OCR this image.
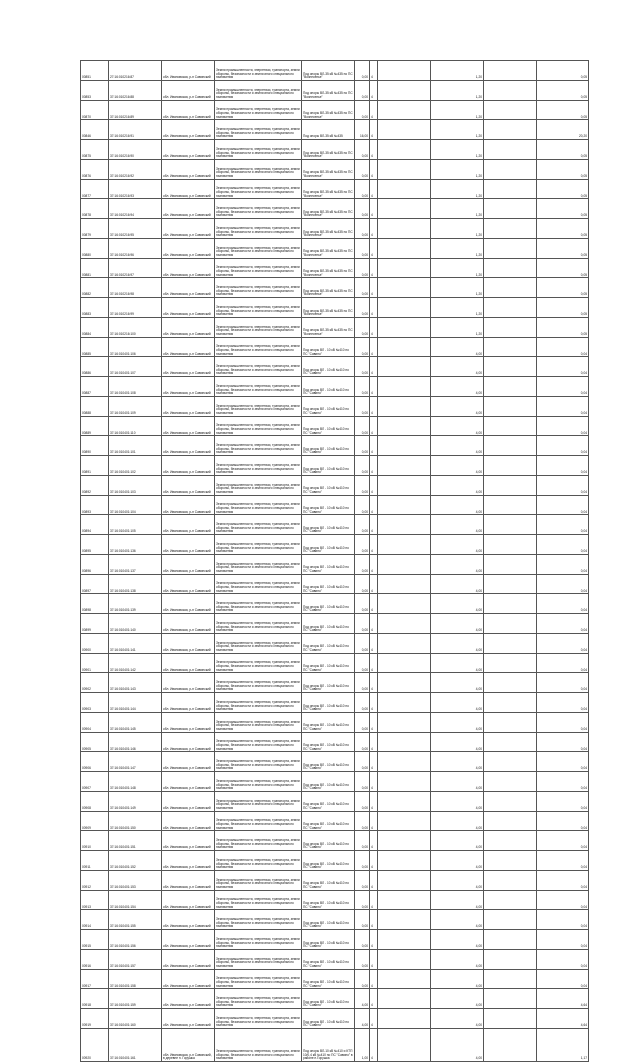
00851	27:16:010216:87	обл. Ивановская, р-н Савинский	Земли промышленности, энергетики, транспорта, земли обороны, безопасности и земли иного специального назначения	Под опоры ВЛ-35 кВ №435 по ПС "Вознесенье"	0,00	4		1,20		0,05
00853	37:16:010216:88	обл. Ивановская, р-н Савинский	Земли промышленности, энергетики, транспорта, земли обороны, безопасности и земли иного специального назначения	Под опоры ВЛ-35 кВ №435 по ПС "Вознесенье"	0,00	4		1,20		0,05
00870	37:16:010216:89	обл. Ивановская, р-н Савинский	Земли промышленности, энергетики, транспорта, земли обороны, безопасности и земли иного специального назначения	Под опоры ВЛ-35 кВ №435 по ПС "Вознесенье"	0,00	4		1,20		0,05
00846	37:16:010216:91	обл. Ивановская, р-н Савинский	Земли промышленности, энергетики, транспорта, земли обороны, безопасности и земли иного специального назначения	Под опоры ВЛ-35 кВ №435	16,00	4		1,20		20,20
00875	37:16:010216:90	обл. Ивановская, р-н Савинский	Земли промышленности, энергетики, транспорта, земли обороны, безопасности и земли иного специального назначения	Под опоры ВЛ-35 кВ №435 по ПС "Вознесенье"	0,00	4		1,20		0,05
00876	37:16:010216:92	обл. Ивановская, р-н Савинский	Земли промышленности, энергетики, транспорта, земли обороны, безопасности и земли иного специального назначения	Под опоры ВЛ-35 кВ №435 по ПС "Вознесенье"	0,00	4		1,20		0,05
00877	37:16:010216:93	обл. Ивановская, р-н Савинский	Земли промышленности, энергетики, транспорта, земли обороны, безопасности и земли иного специального назначения	Под опоры ВЛ-35 кВ №435 по ПС "Вознесенье"	0,00	4		1,20		0,05
00878	37:16:010216:94	обл. Ивановская, р-н Савинский	Земли промышленности, энергетики, транспорта, земли обороны, безопасности и земли иного специального назначения	Под опоры ВЛ-35 кВ №435 по ПС "Вознесенье"	0,00	4		1,20		0,05
00879	37:16:010216:95	обл. Ивановская, р-н Савинский	Земли промышленности, энергетики, транспорта, земли обороны, безопасности и земли иного специального назначения	Под опоры ВЛ-35 кВ №435 по ПС "Вознесенье"	0,00	4		1,20		0,05
00880	37:16:010216:96	обл. Ивановская, р-н Савинский	Земли промышленности, энергетики, транспорта, земли обороны, безопасности и земли иного специального назначения	Под опоры ВЛ-35 кВ №435 по ПС "Вознесенье"	0,00	4		1,20		0,05
00881	37:16:010216:97	обл. Ивановская, р-н Савинский	Земли промышленности, энергетики, транспорта, земли обороны, безопасности и земли иного специального назначения	Под опоры ВЛ-35 кВ №435 по ПС "Вознесенье"	0,00	4		1,20		0,05
00882	37:16:010216:98	обл. Ивановская, р-н Савинский	Земли промышленности, энергетики, транспорта, земли обороны, безопасности и земли иного специального назначения	Под опоры ВЛ-35 кВ №435 по ПС "Вознесенье"	0,00	4		1,20		0,05
00883	37:16:010216:99	обл. Ивановская, р-н Савинский	Земли промышленности, энергетики, транспорта, земли обороны, безопасности и земли иного специального назначения	Под опоры ВЛ-35 кВ №435 по ПС "Вознесенье"	0,00	4		1,20		0,05
00884	37:16:010216:100	обл. Ивановская, р-н Савинский	Земли промышленности, энергетики, транспорта, земли обороны, безопасности и земли иного специального назначения	Под опоры ВЛ-35 кВ №435 по ПС "Вознесенье"	0,00	4		1,20		0,05
00885	37:16:010401:106	обл. Ивановская, р-н Савинский	Земли промышленности, энергетики, транспорта, земли обороны, безопасности и земли иного специального назначения	Под опоры ВЛ - 10 кВ №410 по ПС "Савино"	0,00	4		4,00		0,04
00886	37:16:010401:107	обл. Ивановская, р-н Савинский	Земли промышленности, энергетики, транспорта, земли обороны, безопасности и земли иного специального назначения	Под опоры ВЛ - 10 кВ №410 по ПС "Савино"	0,00	4		4,00		0,04
00887	37:16:010401:108	обл. Ивановская, р-н Савинский	Земли промышленности, энергетики, транспорта, земли обороны, безопасности и земли иного специального назначения	Под опоры ВЛ - 10 кВ №410 по ПС "Савино"	0,00	4		4,00		0,04
00888	37:16:010401:109	обл. Ивановская, р-н Савинский	Земли промышленности, энергетики, транспорта, земли обороны, безопасности и земли иного специального назначения	Под опоры ВЛ - 10 кВ №410 по ПС "Савино"	0,00	4		4,00		0,04
00889	37:16:010401:110	обл. Ивановская, р-н Савинский	Земли промышленности, энергетики, транспорта, земли обороны, безопасности и земли иного специального назначения	Под опоры ВЛ - 10 кВ №410 по ПС "Савино"	0,00	4		4,00		0,04
00890	37:16:010401:101	обл. Ивановская, р-н Савинский	Земли промышленности, энергетики, транспорта, земли обороны, безопасности и земли иного специального назначения	Под опоры ВЛ - 10 кВ №410 по ПС "Савино"	0,00	4		4,00		0,04
00891	37:16:010401:102	обл. Ивановская, р-н Савинский	Земли промышленности, энергетики, транспорта, земли обороны, безопасности и земли иного специального назначения	Под опоры ВЛ - 10 кВ №410 по ПС "Савино"	0,00	4		4,00		0,04
00892	37:16:010401:103	обл. Ивановская, р-н Савинский	Земли промышленности, энергетики, транспорта, земли обороны, безопасности и земли иного специального назначения	Под опоры ВЛ - 10 кВ №410 по ПС "Савино"	0,00	4		4,00		0,04
00893	37:16:010401:104	обл. Ивановская, р-н Савинский	Земли промышленности, энергетики, транспорта, земли обороны, безопасности и земли иного специального назначения	Под опоры ВЛ - 10 кВ №410 по ПС "Савино"	0,00	4		4,00		0,04
00894	37:16:010401:105	обл. Ивановская, р-н Савинский	Земли промышленности, энергетики, транспорта, земли обороны, безопасности и земли иного специального назначения	Под опоры ВЛ - 10 кВ №410 по ПС "Савино"	0,00	4		4,00		0,04
00895	37:16:010401:136	обл. Ивановская, р-н Савинский	Земли промышленности, энергетики, транспорта, земли обороны, безопасности и земли иного специального назначения	Под опоры ВЛ - 10 кВ №410 по ПС "Савино"	0,00	4		4,00		0,04
00896	37:16:010401:137	обл. Ивановская, р-н Савинский	Земли промышленности, энергетики, транспорта, земли обороны, безопасности и земли иного специального назначения	Под опоры ВЛ - 10 кВ №410 по ПС "Савино"	0,00	4		4,00		0,04
00897	37:16:010401:138	обл. Ивановская, р-н Савинский	Земли промышленности, энергетики, транспорта, земли обороны, безопасности и земли иного специального назначения	Под опоры ВЛ - 10 кВ №410 по ПС "Савино"	0,00	4		4,00		0,04
00898	37:16:010401:139	обл. Ивановская, р-н Савинский	Земли промышленности, энергетики, транспорта, земли обороны, безопасности и земли иного специального назначения	Под опоры ВЛ - 10 кВ №410 по ПС "Савино"	0,00	4		4,00		0,04
00899	37:16:010401:140	обл. Ивановская, р-н Савинский	Земли промышленности, энергетики, транспорта, земли обороны, безопасности и земли иного специального назначения	Под опоры ВЛ - 10 кВ №410 по ПС "Савино"	0,00	4		4,00		0,04
00900	37:16:010401:141	обл. Ивановская, р-н Савинский	Земли промышленности, энергетики, транспорта, земли обороны, безопасности и земли иного специального назначения	Под опоры ВЛ - 10 кВ №410 по ПС "Савино"	0,00	4		4,00		0,04
00901	37:16:010401:142	обл. Ивановская, р-н Савинский	Земли промышленности, энергетики, транспорта, земли обороны, безопасности и земли иного специального назначения	Под опоры ВЛ - 10 кВ №410 по ПС "Савино"	0,00	4		4,00		0,04
00902	37:16:010401:143	обл. Ивановская, р-н Савинский	Земли промышленности, энергетики, транспорта, земли обороны, безопасности и земли иного специального назначения	Под опоры ВЛ - 10 кВ №410 по ПС "Савино"	0,00	4		4,00		0,04
00903	37:16:010401:144	обл. Ивановская, р-н Савинский	Земли промышленности, энергетики, транспорта, земли обороны, безопасности и земли иного специального назначения	Под опоры ВЛ - 10 кВ №410 по ПС "Савино"	0,00	4		4,00		0,04
00904	37:16:010401:145	обл. Ивановская, р-н Савинский	Земли промышленности, энергетики, транспорта, земли обороны, безопасности и земли иного специального назначения	Под опоры ВЛ - 10 кВ №410 по ПС "Савино"	0,00	4		4,00		0,04
00905	37:16:010401:146	обл. Ивановская, р-н Савинский	Земли промышленности, энергетики, транспорта, земли обороны, безопасности и земли иного специального назначения	Под опоры ВЛ - 10 кВ №410 по ПС "Савино"	0,00	4		4,00		0,04
00906	37:16:010401:147	обл. Ивановская, р-н Савинский	Земли промышленности, энергетики, транспорта, земли обороны, безопасности и земли иного специального назначения	Под опоры ВЛ - 10 кВ №410 по ПС "Савино"	0,00	4		4,00		0,04
00907	37:16:010401:148	обл. Ивановская, р-н Савинский	Земли промышленности, энергетики, транспорта, земли обороны, безопасности и земли иного специального назначения	Под опоры ВЛ - 10 кВ №410 по ПС "Савино"	0,00	4		4,00		0,04
00908	37:16:010401:149	обл. Ивановская, р-н Савинский	Земли промышленности, энергетики, транспорта, земли обороны, безопасности и земли иного специального назначения	Под опоры ВЛ - 10 кВ №410 по ПС "Савино"	0,00	4		4,00		0,04
00909	37:16:010401:150	обл. Ивановская, р-н Савинский	Земли промышленности, энергетики, транспорта, земли обороны, безопасности и земли иного специального назначения	Под опоры ВЛ - 10 кВ №410 по ПС "Савино"	0,00	4		4,00		0,04
00910	37:16:010401:151	обл. Ивановская, р-н Савинский	Земли промышленности, энергетики, транспорта, земли обороны, безопасности и земли иного специального назначения	Под опоры ВЛ - 10 кВ №410 по ПС "Савино"	0,00	4		4,00		0,04
00911	37:16:010401:152	обл. Ивановская, р-н Савинский	Земли промышленности, энергетики, транспорта, земли обороны, безопасности и земли иного специального назначения	Под опоры ВЛ - 10 кВ №410 по ПС "Савино"	0,00	4		4,00		0,04
00912	37:16:010401:153	обл. Ивановская, р-н Савинский	Земли промышленности, энергетики, транспорта, земли обороны, безопасности и земли иного специального назначения	Под опоры ВЛ - 10 кВ №410 по ПС "Савино"	0,00	4		4,00		0,04
00913	37:16:010401:154	обл. Ивановская, р-н Савинский	Земли промышленности, энергетики, транспорта, земли обороны, безопасности и земли иного специального назначения	Под опоры ВЛ - 10 кВ №410 по ПС "Савино"	0,00	4		4,00		0,04
00914	37:16:010401:155	обл. Ивановская, р-н Савинский	Земли промышленности, энергетики, транспорта, земли обороны, безопасности и земли иного специального назначения	Под опоры ВЛ - 10 кВ №410 по ПС "Савино"	0,00	4		4,00		0,04
00915	37:16:010401:156	обл. Ивановская, р-н Савинский	Земли промышленности, энергетики, транспорта, земли обороны, безопасности и земли иного специального назначения	Под опоры ВЛ - 10 кВ №410 по ПС "Савино"	0,00	4		4,00		0,04
00916	37:16:010401:157	обл. Ивановская, р-н Савинский	Земли промышленности, энергетики, транспорта, земли обороны, безопасности и земли иного специального назначения	Под опоры ВЛ - 10 кВ №410 по ПС "Савино"	0,00	4		4,00		0,04
00917	37:16:010401:158	обл. Ивановская, р-н Савинский	Земли промышленности, энергетики, транспорта, земли обороны, безопасности и земли иного специального назначения	Под опоры ВЛ - 10 кВ №410 по ПС "Савино"	0,00	4		4,00		0,04
00918	37:16:010401:159	обл. Ивановская, р-н Савинский	Земли промышленности, энергетики, транспорта, земли обороны, безопасности и земли иного специального назначения	Под опоры ВЛ - 10 кВ №410 по ПС "Савино"	4,00	4		4,00		4,64
00919	37:16:010401:160	обл. Ивановская, р-н Савинский	Земли промышленности, энергетики, транспорта, земли обороны, безопасности и земли иного специального назначения	Под опоры ВЛ - 10 кВ №410 по ПС "Савино"	4,00	4		4,00		4,64
00920	37:16:010401:161	обл. Ивановская, р-н Савинский, в деревне п. Горушка	Земли промышленности, энергетики, транспорта, земли обороны, безопасности и земли иного специального назначения	Под опоры ВЛ-10 кВ №410 и КТП 10/0,4 кВ №410 по ПС "Савино" в районе п.Горушка	1,00	4		4,00		1,17
